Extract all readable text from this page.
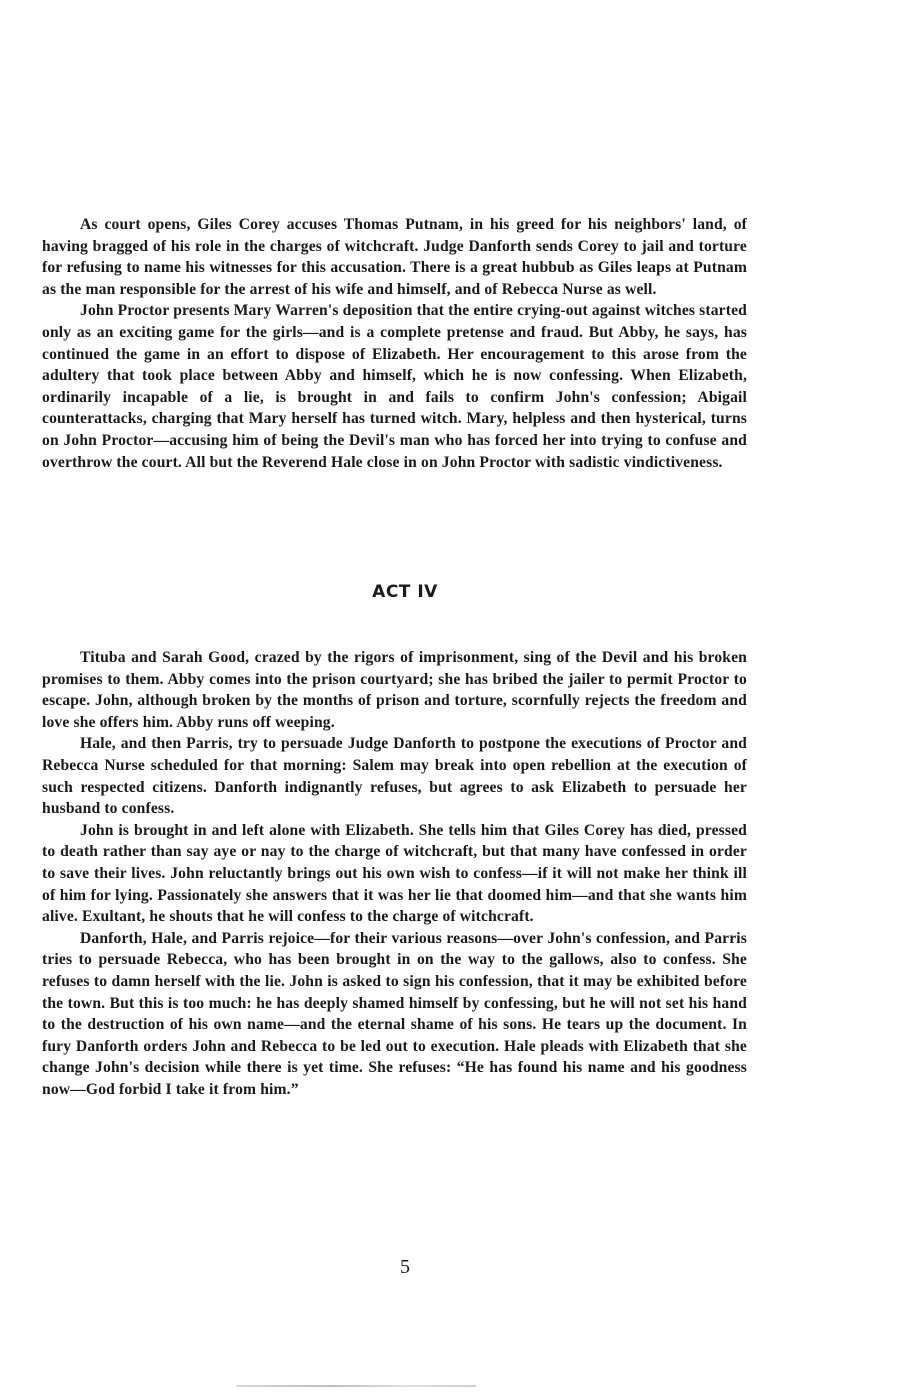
As court opens, Giles Corey accuses Thomas Putnam, in his greed for his neighbors' land, of having bragged of his role in the charges of witchcraft. Judge Danforth sends Corey to jail and torture for refusing to name his witnesses for this accusation. There is a great hubbub as Giles leaps at Putnam as the man responsible for the arrest of his wife and himself, and of Rebecca Nurse as well.

John Proctor presents Mary Warren's deposition that the entire crying-out against witches started only as an exciting game for the girls—and is a complete pretense and fraud. But Abby, he says, has continued the game in an effort to dispose of Elizabeth. Her encouragement to this arose from the adultery that took place between Abby and himself, which he is now confessing. When Elizabeth, ordinarily incapable of a lie, is brought in and fails to confirm John's confession; Abigail counterattacks, charging that Mary herself has turned witch. Mary, helpless and then hysterical, turns on John Proctor—accusing him of being the Devil's man who has forced her into trying to confuse and overthrow the court. All but the Reverend Hale close in on John Proctor with sadistic vindictiveness.

ACT IV

Tituba and Sarah Good, crazed by the rigors of imprisonment, sing of the Devil and his broken promises to them. Abby comes into the prison courtyard; she has bribed the jailer to permit Proctor to escape. John, although broken by the months of prison and torture, scornfully rejects the freedom and love she offers him. Abby runs off weeping.

Hale, and then Parris, try to persuade Judge Danforth to postpone the executions of Proctor and Rebecca Nurse scheduled for that morning: Salem may break into open rebellion at the execution of such respected citizens. Danforth indignantly refuses, but agrees to ask Elizabeth to persuade her husband to confess.

John is brought in and left alone with Elizabeth. She tells him that Giles Corey has died, pressed to death rather than say aye or nay to the charge of witchcraft, but that many have confessed in order to save their lives. John reluctantly brings out his own wish to confess—if it will not make her think ill of him for lying. Passionately she answers that it was her lie that doomed him—and that she wants him alive. Exultant, he shouts that he will confess to the charge of witchcraft.

Danforth, Hale, and Parris rejoice—for their various reasons—over John's confession, and Parris tries to persuade Rebecca, who has been brought in on the way to the gallows, also to confess. She refuses to damn herself with the lie. John is asked to sign his confession, that it may be exhibited before the town. But this is too much: he has deeply shamed himself by confessing, but he will not set his hand to the destruction of his own name—and the eternal shame of his sons. He tears up the document. In fury Danforth orders John and Rebecca to be led out to execution. Hale pleads with Elizabeth that she change John's decision while there is yet time. She refuses: “He has found his name and his goodness now—God forbid I take it from him.”

5
